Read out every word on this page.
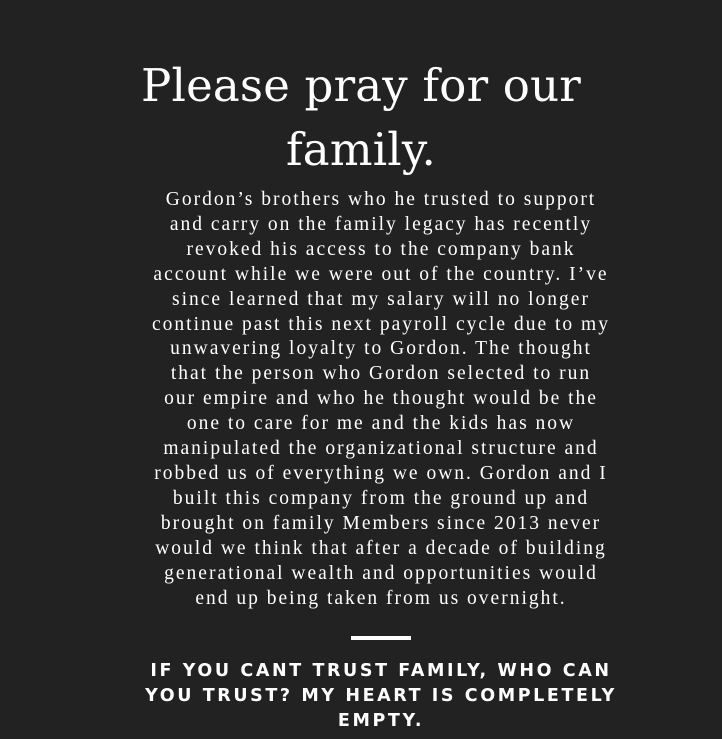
Please pray for our family.

Gordon’s brothers who he trusted to support
and carry on the family legacy has recently
revoked his access to the company bank
account while we were out of the country. I’ve
since learned that my salary will no longer
continue past this next payroll cycle due to my
unwavering loyalty to Gordon. The thought
that the person who Gordon selected to run
our empire and who he thought would be the
one to care for me and the kids has now
manipulated the organizational structure and
robbed us of everything we own. Gordon and I
built this company from the ground up and
brought on family Members since 2013 never
would we think that after a decade of building
generational wealth and opportunities would
end up being taken from us overnight.

IF YOU CANT TRUST FAMILY, WHO CAN
YOU TRUST? MY HEART IS COMPLETELY
EMPTY.
